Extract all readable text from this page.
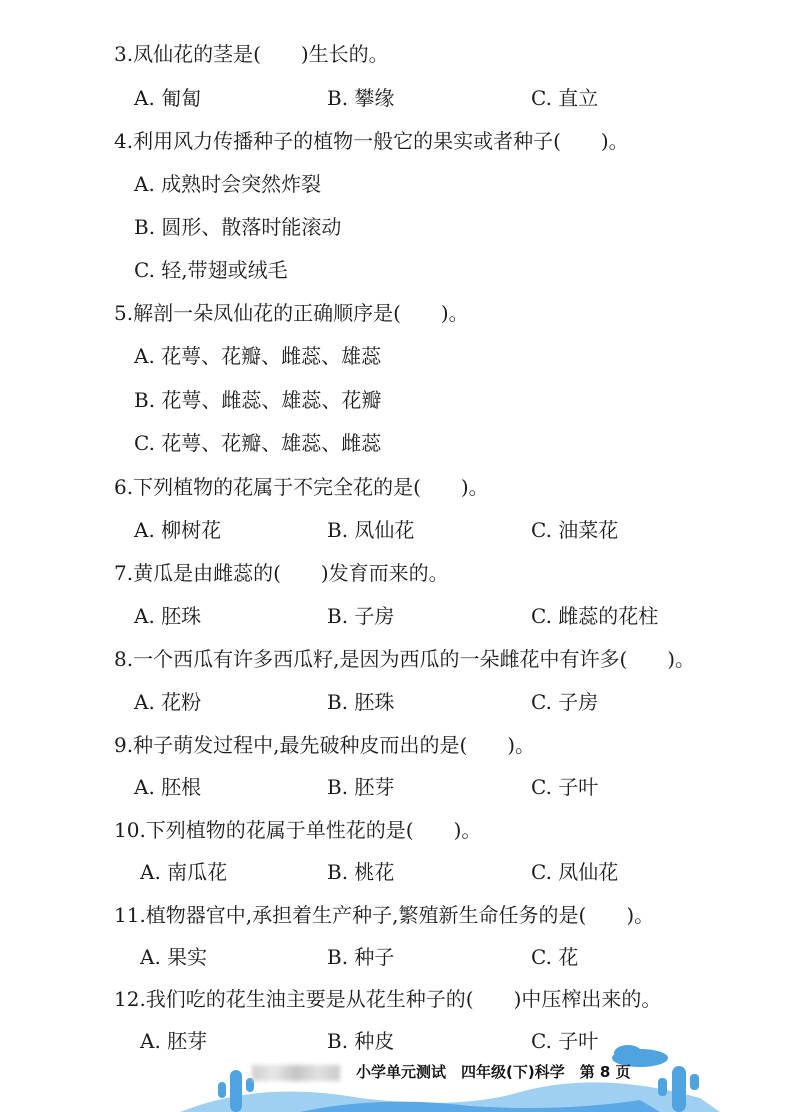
3.凤仙花的茎是(　　)生长的。
A. 匍匐	B. 攀缘	C. 直立
4.利用风力传播种子的植物一般它的果实或者种子(　　)。
A. 成熟时会突然炸裂
B. 圆形、散落时能滚动
C. 轻,带翅或绒毛
5.解剖一朵凤仙花的正确顺序是(　　)。
A. 花萼、花瓣、雌蕊、雄蕊
B. 花萼、雌蕊、雄蕊、花瓣
C. 花萼、花瓣、雄蕊、雌蕊
6.下列植物的花属于不完全花的是(　　)。
A. 柳树花	B. 凤仙花	C. 油菜花
7.黄瓜是由雌蕊的(　　)发育而来的。
A. 胚珠	B. 子房	C. 雌蕊的花柱
8.一个西瓜有许多西瓜籽,是因为西瓜的一朵雌花中有许多(　　)。
A. 花粉	B. 胚珠	C. 子房
9.种子萌发过程中,最先破种皮而出的是(　　)。
A. 胚根	B. 胚芽	C. 子叶
10.下列植物的花属于单性花的是(　　)。
A. 南瓜花	B. 桃花	C. 凤仙花
11.植物器官中,承担着生产种子,繁殖新生命任务的是(　　)。
A. 果实	B. 种子	C. 花
12.我们吃的花生油主要是从花生种子的(　　)中压榨出来的。
A. 胚芽	B. 种皮	C. 子叶
小学单元测试　四年级(下)科学　第 8 页
